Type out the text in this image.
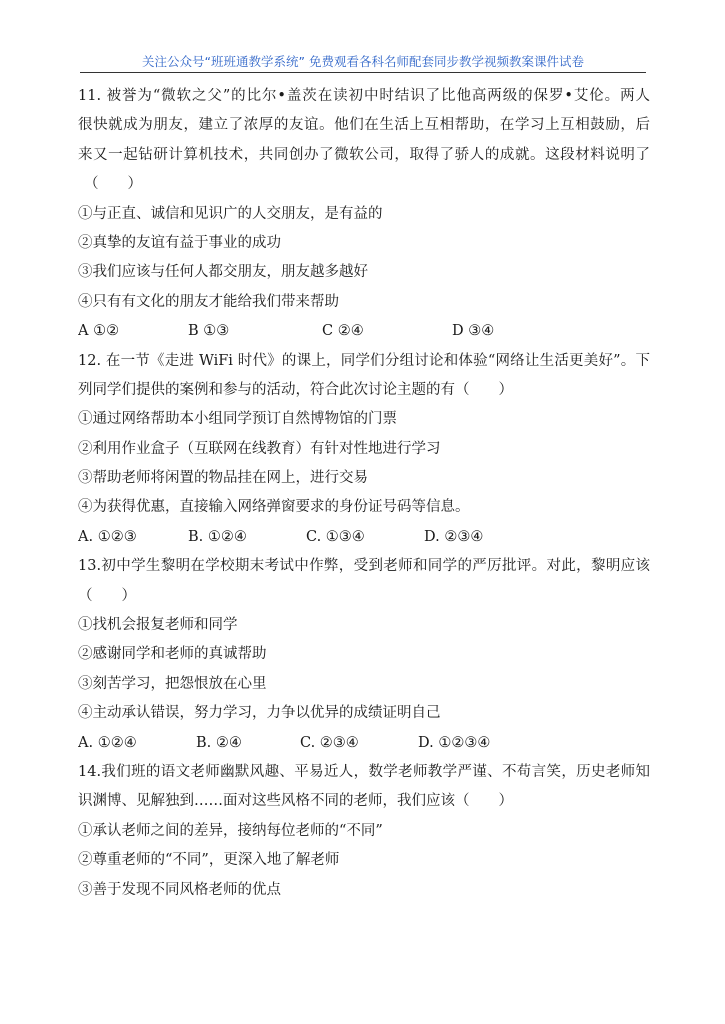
关注公众号“班班通教学系统” 免费观看各科名师配套同步教学视频教案课件试卷
11. 被誉为“微软之父”的比尔•盖茨在读初中时结识了比他高两级的保罗•艾伦。两人
很快就成为朋友，建立了浓厚的友谊。他们在生活上互相帮助，在学习上互相鼓励，后
来又一起钻研计算机技术，共同创办了微软公司，取得了骄人的成就。这段材料说明了
（　　）
①与正直、诚信和见识广的人交朋友，是有益的
②真挚的友谊有益于事业的成功
③我们应该与任何人都交朋友，朋友越多越好
④只有有文化的朋友才能给我们带来帮助
A ①②	B ①③	C ②④	D ③④
12. 在一节《走进 WiFi 时代》的课上，同学们分组讨论和体验“网络让生活更美好”。下
列同学们提供的案例和参与的活动，符合此次讨论主题的有（　　）
①通过网络帮助本小组同学预订自然博物馆的门票
②利用作业盒子（互联网在线教育）有针对性地进行学习
③帮助老师将闲置的物品挂在网上，进行交易
④为获得优惠，直接输入网络弹窗要求的身份证号码等信息。
A. ①②③	B. ①②④	C. ①③④	D. ②③④
13.初中学生黎明在学校期末考试中作弊，受到老师和同学的严厉批评。对此，黎明应该
（　　）
①找机会报复老师和同学
②感谢同学和老师的真诚帮助
③刻苦学习，把怨恨放在心里
④主动承认错误，努力学习，力争以优异的成绩证明自己
A. ①②④	B. ②④	C. ②③④	D. ①②③④
14.我们班的语文老师幽默风趣、平易近人，数学老师教学严谨、不苟言笑，历史老师知
识渊博、见解独到……面对这些风格不同的老师，我们应该（　　）
①承认老师之间的差异，接纳每位老师的“不同”
②尊重老师的“不同”，更深入地了解老师
③善于发现不同风格老师的优点
